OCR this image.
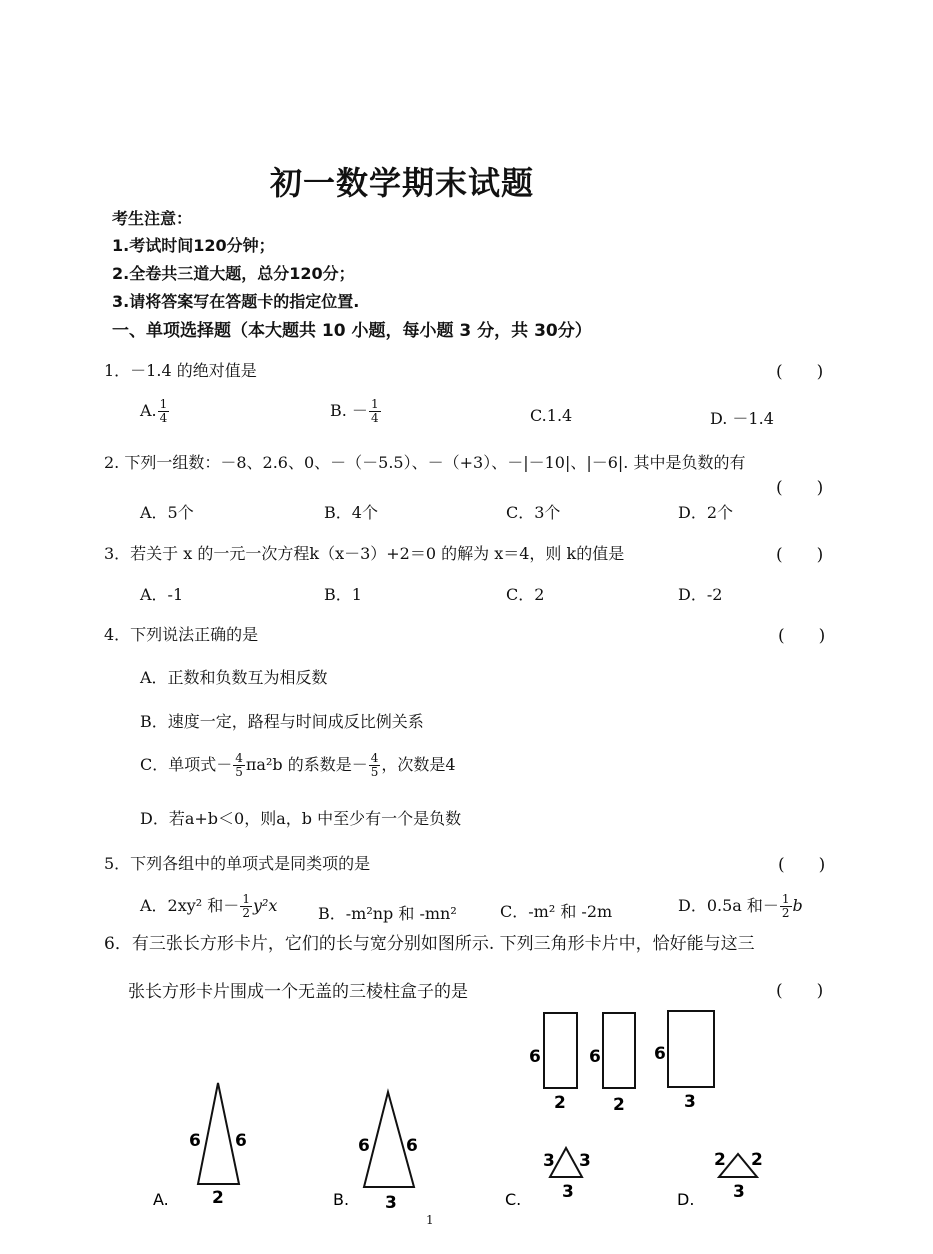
初一数学期末试题
考生注意：
1.考试时间120分钟；
2.全卷共三道大题，总分120分；
3.请将答案写在答题卡的指定位置.
一、单项选择题（本大题共 10 小题，每小题 3 分，共 30分）
1．－1.4 的绝对值是	(　　)
A. $\frac{1}{4}$	B. － $\frac{1}{4}$	C.1.4	D. －1.4
2. 下列一组数：－8、2.6、0、－（－5.5）、－（+3）、－|－10|、|－6|. 其中是负数的有
(　　)
A．5个	B．4个	C．3个	D．2个
3．若关于 x 的一元一次方程k（x－3）+2＝0 的解为 x＝4，则 k的值是	(　　)
A．-1	B．1	C．2	D．-2
4．下列说法正确的是	(　　)
A．正数和负数互为相反数
B．速度一定，路程与时间成反比例关系
C．单项式－ $\frac{4}{5} \pi a^2b$ 的系数是－ $\frac{4}{5}$ ，次数是4
D．若a+b＜0，则a，b 中至少有一个是负数
5．下列各组中的单项式是同类项的是	(　　)
A．2xy² 和－ $\frac{1}{2} y^2x$	B．-m²np 和 -mn²	C．-m² 和 -2m	D．0.5a 和－ $\frac{1}{2}$ b
6．有三张长方形卡片，它们的长与宽分别如图所示. 下列三角形卡片中，恰好能与这三
张长方形卡片围成一个无盖的三棱柱盒子的是	(　　)
6
2
6
2
6
3
6 6
2
A.
6 6
3
B.
3 3
3
C.
2 2
3
D.
1
